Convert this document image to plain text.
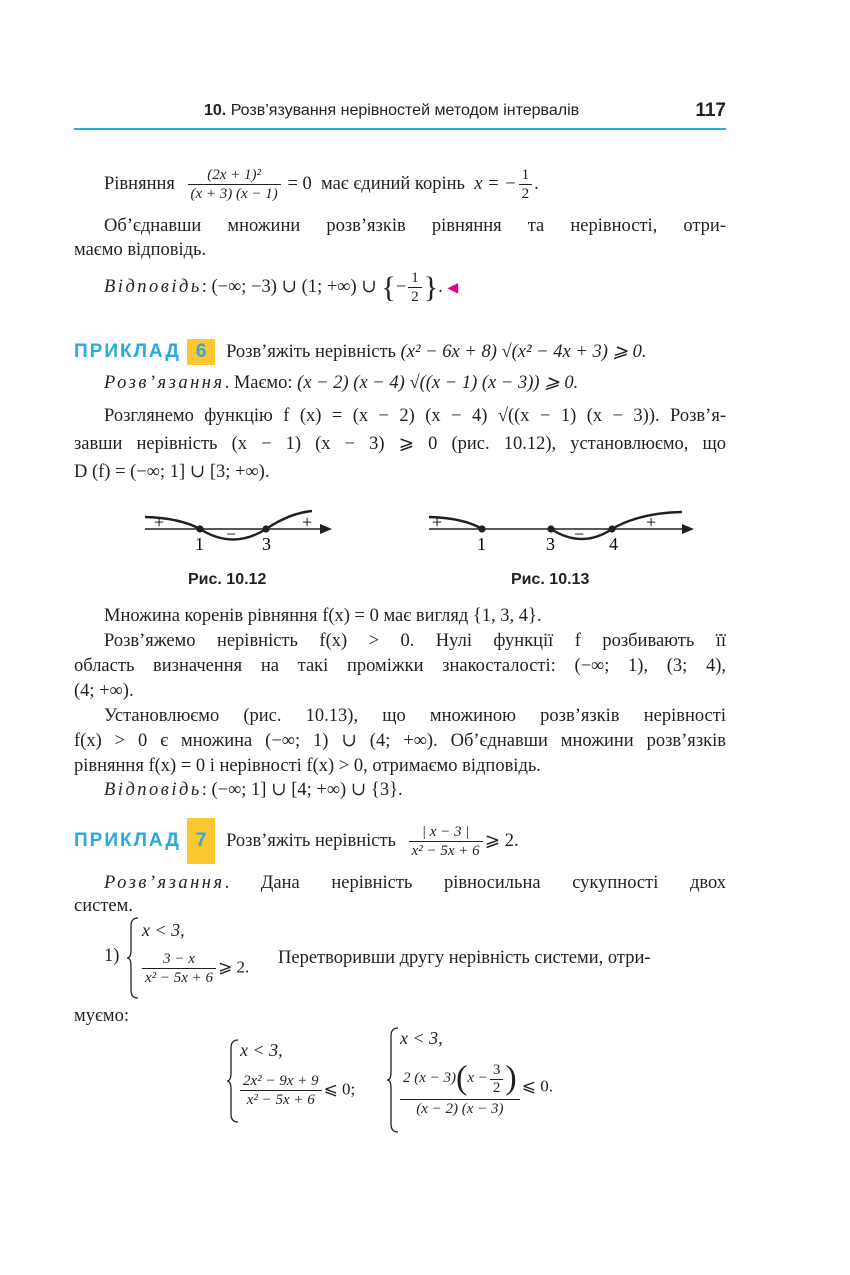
10. Розв’язування нерівностей методом інтервалів	117
Рівняння $\frac{\text{(2x + 1)²}}{(x + 3) (x - 1)} = 0$ має єдиний корінь x = − $\frac{1}{2}$ .
Об’єднавши множини розв’язків рівняння та нерівності, отри-
маємо відповідь.
Відповідь: (−∞; −3) ∪ (1; +∞) ∪ {− $\frac{1}{2}$ }. ◀
ПРИКЛАД 6 Розв’яжіть нерівність (x² − 6x + 8) √(x² − 4x + 3) ⩾ 0.
Розв’язання. Маємо: (x − 2) (x − 4) √((x − 1) (x − 3)) ⩾ 0.
Розглянемо функцію f (x) = (x − 2) (x − 4) √((x − 1) (x − 3)). Розв’я-
завши нерівність (x − 1) (x − 3) ⩾ 0 (рис. 10.12), установлюємо, що
D (f) = (−∞; 1] ∪ [3; +∞).
+
−
+
1	3
Рис. 10.12
+
−
+
1	3	4
Рис. 10.13
Множина коренів рівняння f(x) = 0 має вигляд {1, 3, 4}.
Розв’яжемо нерівність f(x) > 0. Нулі функції f розбивають її
область визначення на такі проміжки знакосталості: (−∞; 1), (3; 4),
(4; +∞).
Установлюємо (рис. 10.13), що множиною розв’язків нерівності
f(x) > 0 є множина (−∞; 1) ∪ (4; +∞). Об’єднавши множини розв’язків
рівняння f(x) = 0 і нерівності f(x) > 0, отримаємо відповідь.
Відповідь: (−∞; 1] ∪ [4; +∞) ∪ {3}.
ПРИКЛАД 7 Розв’яжіть нерівність $\frac{| x - 3 |}{\text{x² − 5x + 6}}$ ⩾ 2.
Розв’язання. Дана нерівність рівносильна сукупності двох
систем.
1)
x < 3,
$\frac{3 - x}{\text{x² − 5x + 6}}$ ⩾ 2. Перетворивши другу нерівність системи, отри-
муємо:
x < 3,
$\frac{\text{2x² − 9x + 9}}{\text{x² − 5x + 6}}$ ⩽ 0;
x < 3,
$\frac{2 (x - 3)(x - \frac{3}{2} )}{(x - 2) (x - 3)}$ ⩽ 0.
